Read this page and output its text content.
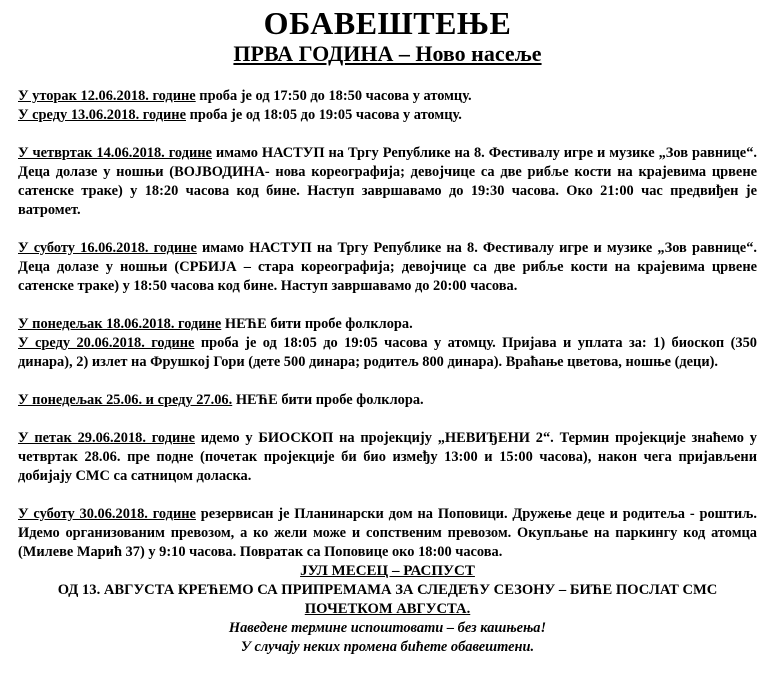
ОБАВЕШТЕЊЕ
ПРВА ГОДИНА – Ново насеље
У уторак 12.06.2018. године проба је од 17:50 до 18:50 часова у атомцу.
У среду 13.06.2018. године проба је од 18:05 до 19:05 часова у атомцу.
У четвртак 14.06.2018. године имамо НАСТУП на Тргу Републике на 8. Фестивалу игре и музике „Зов равнице“. Деца долазе у ношњи (ВОЈВОДИНА- нова кореографија; девојчице са две рибље кости на крајевима црвене сатенске траке) у 18:20 часова код бине. Наступ завршавамо до 19:30 часова. Око 21:00 час предвиђен је ватромет.
У суботу 16.06.2018. године имамо НАСТУП на Тргу Републике на 8. Фестивалу игре и музике „Зов равнице“. Деца долазе у ношњи (СРБИЈА – стара кореографија; девојчице са две рибље кости на крајевима црвене сатенске траке) у 18:50 часова код бине. Наступ завршавамо до 20:00 часова.
У понедељак 18.06.2018. године НЕЋЕ бити пробе фолклора.
У среду 20.06.2018. године проба је од 18:05 до 19:05 часова у атомцу. Пријава и уплата за: 1) биоскоп (350 динара), 2) излет на Фрушкој Гори (дете 500 динара; родитељ 800 динара). Враћање цветова, ношње (деци).
У понедељак 25.06. и среду 27.06. НЕЋЕ бити пробе фолклора.
У петак 29.06.2018. године идемо у БИОСКОП на пројекцију „НЕВИЂЕНИ 2“. Термин пројекције знаћемо у четвртак 28.06. пре подне (почетак пројекције би био између 13:00 и 15:00 часова), након чега пријављени добијају СМС са сатницом доласка.
У суботу 30.06.2018. године резервисан је Планинарски дом на Поповици. Дружење деце и родитеља - роштиљ. Идемо организованим превозом, а ко жели може и сопственим превозом. Окупљање на паркингу код атомца (Милеве Марић 37) у 9:10 часова. Повратак са Поповице око 18:00 часова.
ЈУЛ МЕСЕЦ – РАСПУСТ
ОД 13. АВГУСТА КРЕЋЕМО СА ПРИПРЕМАМА ЗА СЛЕДЕЋУ СЕЗОНУ – БИЋЕ ПОСЛАТ СМС
ПОЧЕТКОМ АВГУСТА.
Наведене термине испоштовати – без кашњења!
У случају неких промена бићете обавештени.
